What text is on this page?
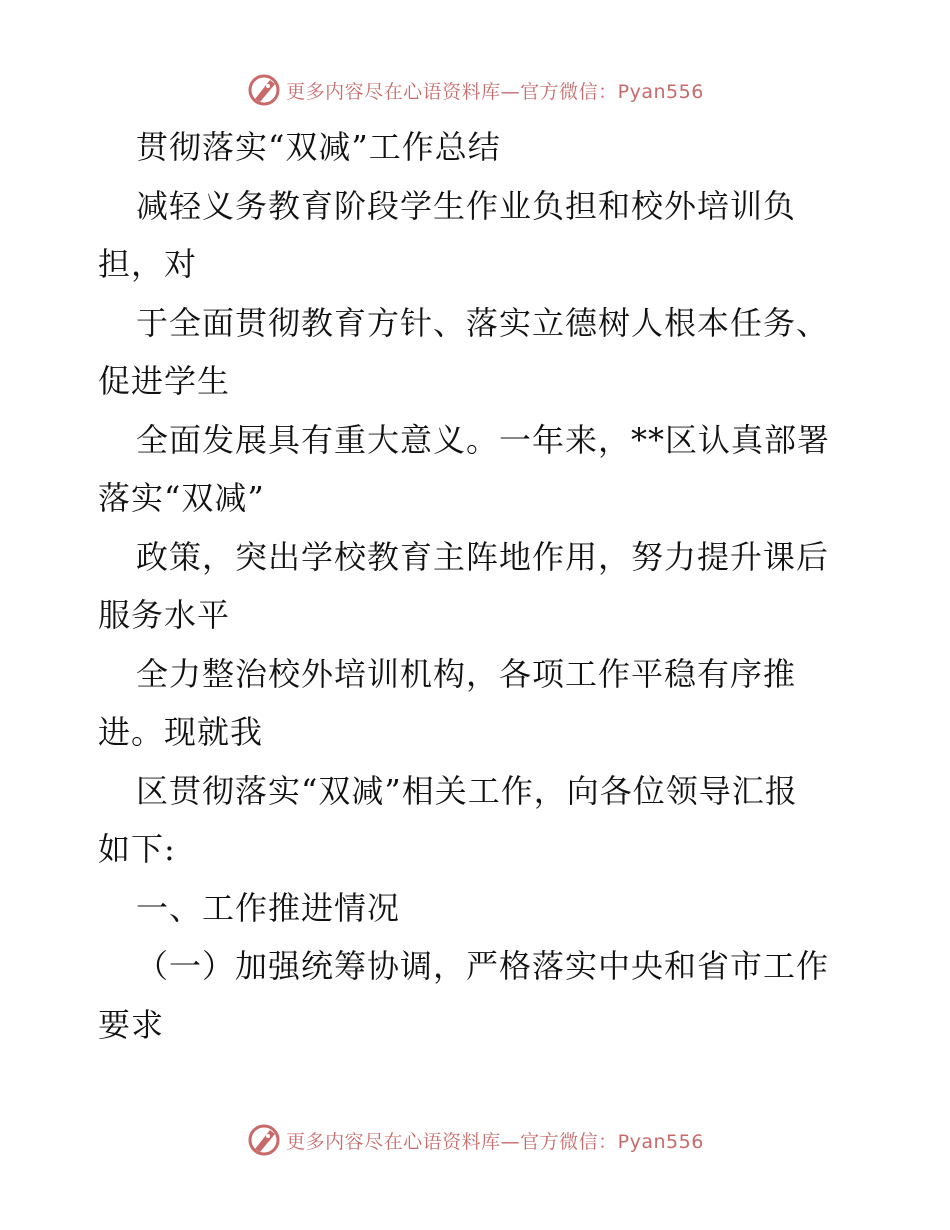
更多内容尽在心语资料库—官方微信：Pyan556
贯彻落实“双减”工作总结
减轻义务教育阶段学生作业负担和校外培训负
担，对
于全面贯彻教育方针、落实立德树人根本任务、
促进学生
全面发展具有重大意义。一年来，**区认真部署
落实“双减”
政策，突出学校教育主阵地作用，努力提升课后
服务水平
全力整治校外培训机构，各项工作平稳有序推
进。现就我
区贯彻落实“双减”相关工作，向各位领导汇报
如下:
一、工作推进情况
（一）加强统筹协调，严格落实中央和省市工作
要求
更多内容尽在心语资料库—官方微信：Pyan556
